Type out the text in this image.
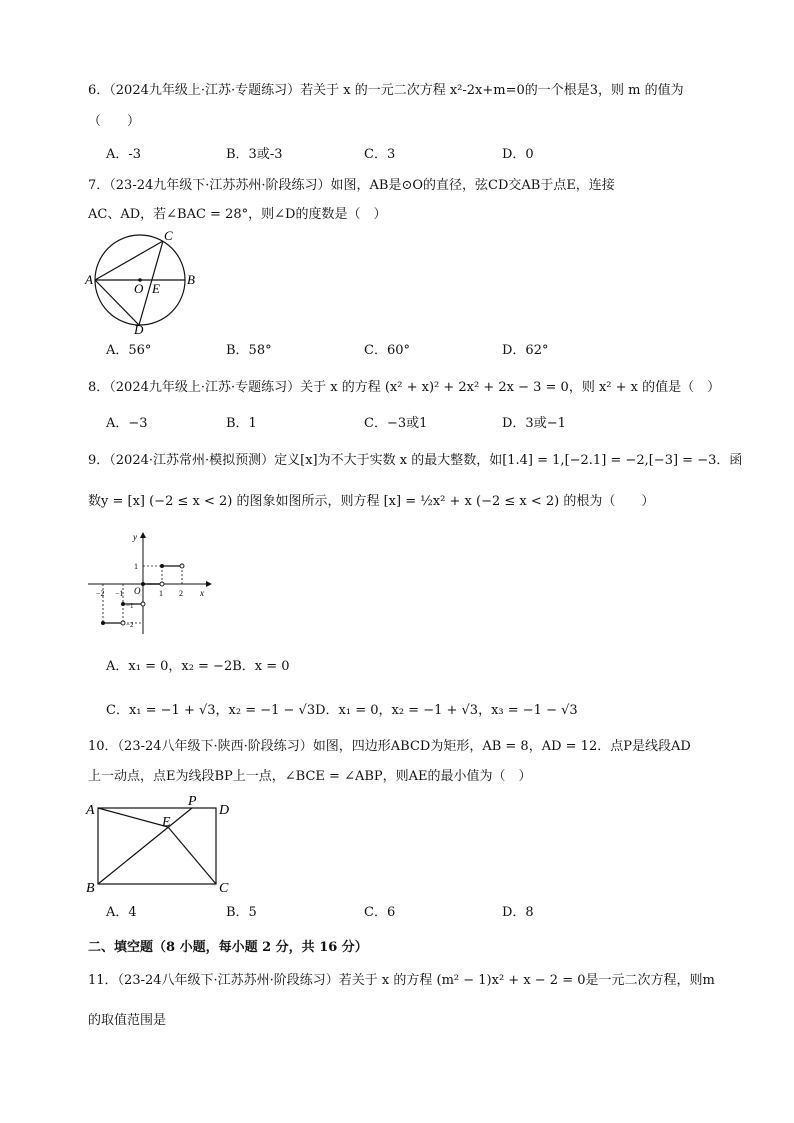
6．（2024九年级上·江苏·专题练习）若关于 x 的一元二次方程 x²-2x+m=0的一个根是3，则 m 的值为
（　　）
A．-3	B．3或-3	C．3	D．0
7．（23-24九年级下·江苏苏州·阶段练习）如图，AB是⊙O的直径，弦CD交AB于点E，连接
AC、AD，若∠BAC = 28°，则∠D的度数是（　）
A	B
C
D
O E
A．56°	B．58°	C．60°	D．62°
8．（2024九年级上·江苏·专题练习）关于 x 的方程 (x² + x)² + 2x² + 2x − 3 = 0，则 x² + x 的值是（　）
A．−3	B．1	C．−3或1	D．3或−1
9．（2024·江苏常州·模拟预测）定义[x]为不大于实数 x 的最大整数，如[1.4] = 1,[−2.1] = −2,[−3] = −3．函
数y = [x] (−2 ≤ x < 2) 的图象如图所示，则方程 [x] = ½x² + x (−2 ≤ x < 2) 的根为（　　）
y
x
O 1 2
−1
−2
−1
−2
1
A．x₁ = 0，x₂ = −2B．x = 0
C．x₁ = −1 + √3，x₂ = −1 − √3D．x₁ = 0，x₂ = −1 + √3，x₃ = −1 − √3
10．（23-24八年级下·陕西·阶段练习）如图，四边形ABCD为矩形，AB = 8，AD = 12．点P是线段AD
上一动点，点E为线段BP上一点，∠BCE = ∠ABP，则AE的最小值为（　）
A
P
D
E
B	C
A．4	B．5	C．6	D．8
二、填空题（8 小题，每小题 2 分，共 16 分）
11．（23-24八年级下·江苏苏州·阶段练习）若关于 x 的方程 (m² − 1)x² + x − 2 = 0是一元二次方程，则m
的取值范围是
